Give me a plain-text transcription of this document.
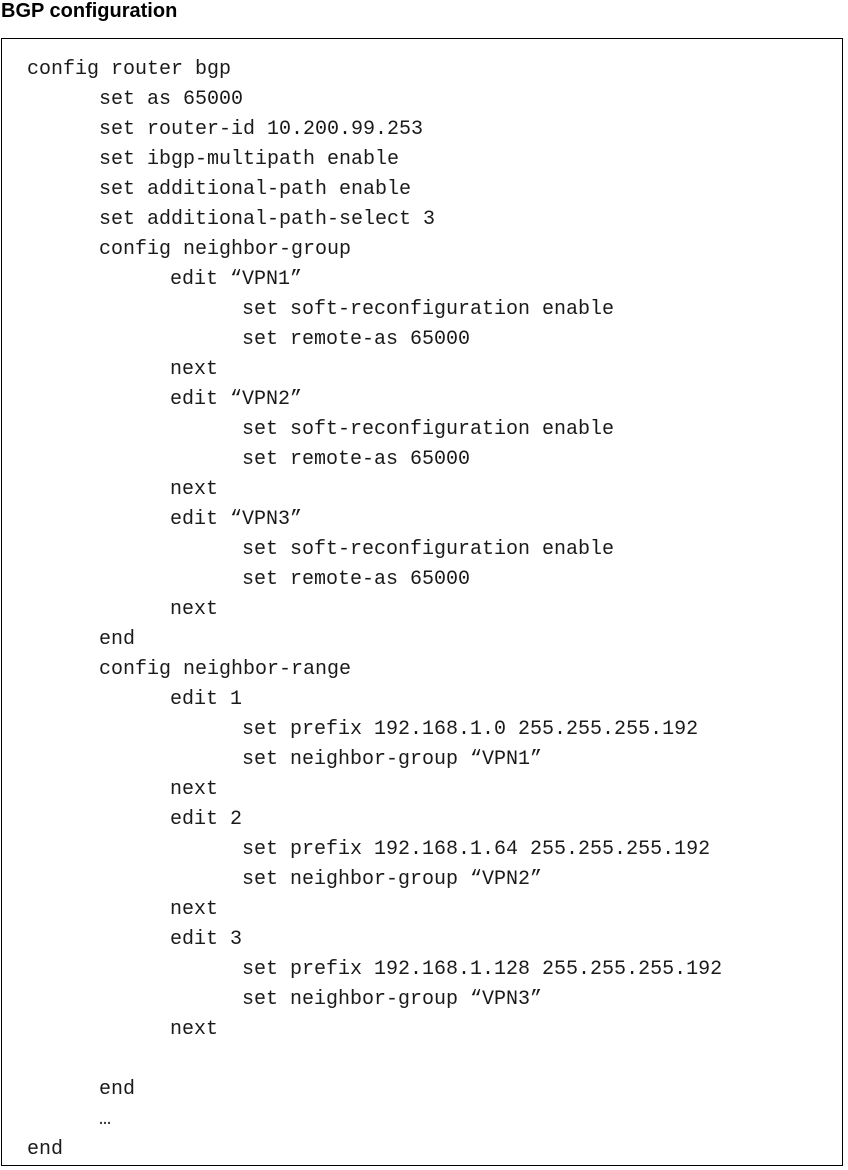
BGP configuration
config router bgp
set as 65000
set router-id 10.200.99.253
set ibgp-multipath enable
set additional-path enable
set additional-path-select 3
config neighbor-group
edit “VPN1”
set soft-reconfiguration enable
set remote-as 65000
next
edit “VPN2”
set soft-reconfiguration enable
set remote-as 65000
next
edit “VPN3”
set soft-reconfiguration enable
set remote-as 65000
next
end
config neighbor-range
edit 1
set prefix 192.168.1.0 255.255.255.192
set neighbor-group “VPN1”
next
edit 2
set prefix 192.168.1.64 255.255.255.192
set neighbor-group “VPN2”
next
edit 3
set prefix 192.168.1.128 255.255.255.192
set neighbor-group “VPN3”
next
end
…
end
